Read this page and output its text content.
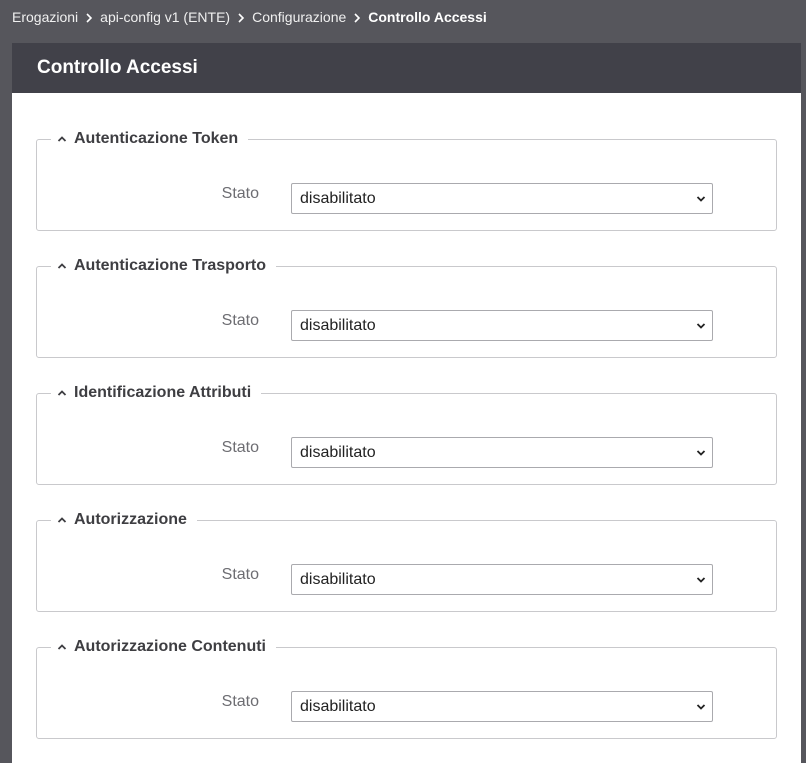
Erogazioni api-config v1 (ENTE) Configurazione Controllo Accessi
Controllo Accessi
Autenticazione Token
Stato	disabilitato
Autenticazione Trasporto
Stato	disabilitato
Identificazione Attributi
Stato	disabilitato
Autorizzazione
Stato	disabilitato
Autorizzazione Contenuti
Stato	disabilitato
